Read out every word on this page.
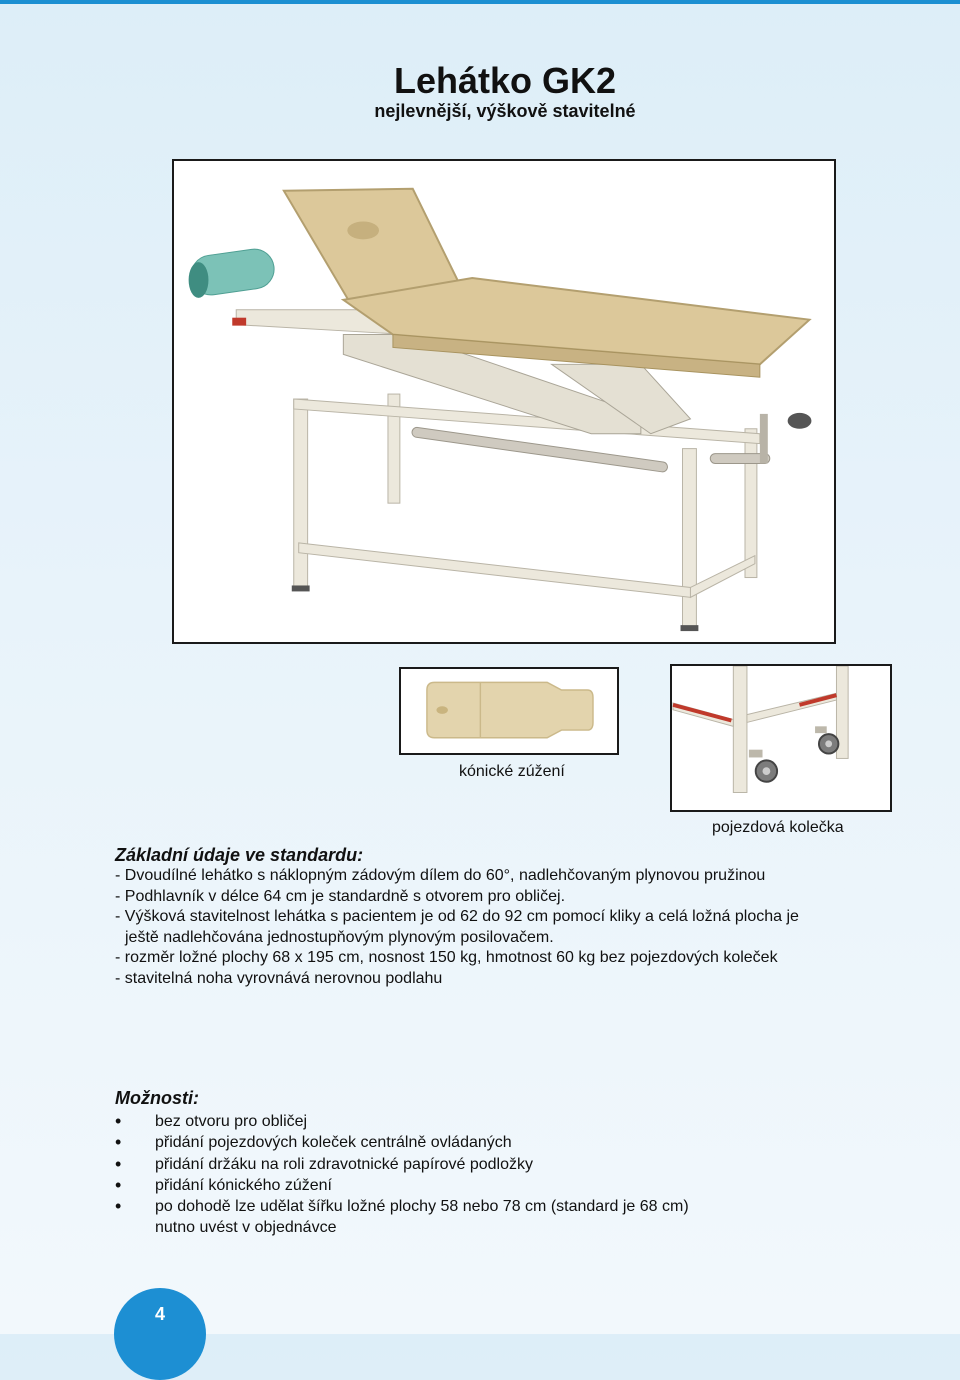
Lehátko GK2
nejlevnější, výškově stavitelné
kónické zúžení
pojezdová kolečka
Základní údaje ve standardu:
- Dvoudílné lehátko s náklopným zádovým dílem do 60°, nadlehčovaným plynovou pružinou
- Podhlavník v délce 64 cm je standardně s otvorem pro obličej.
- Výšková stavitelnost lehátka s pacientem je od 62 do 92 cm pomocí kliky a celá ložná plocha je
ještě nadlehčována jednostupňovým plynovým posilovačem.
- rozměr ložné plochy 68 x 195 cm, nosnost 150 kg, hmotnost 60 kg bez pojezdových koleček
- stavitelná noha vyrovnává nerovnou podlahu
Možnosti:
• bez otvoru pro obličej
• přidání pojezdových koleček centrálně ovládaných
• přidání držáku na roli zdravotnické papírové podložky
• přidání kónického zúžení
• po dohodě lze udělat šířku ložné plochy 58 nebo 78 cm (standard je 68 cm)
nutno uvést v objednávce
4
